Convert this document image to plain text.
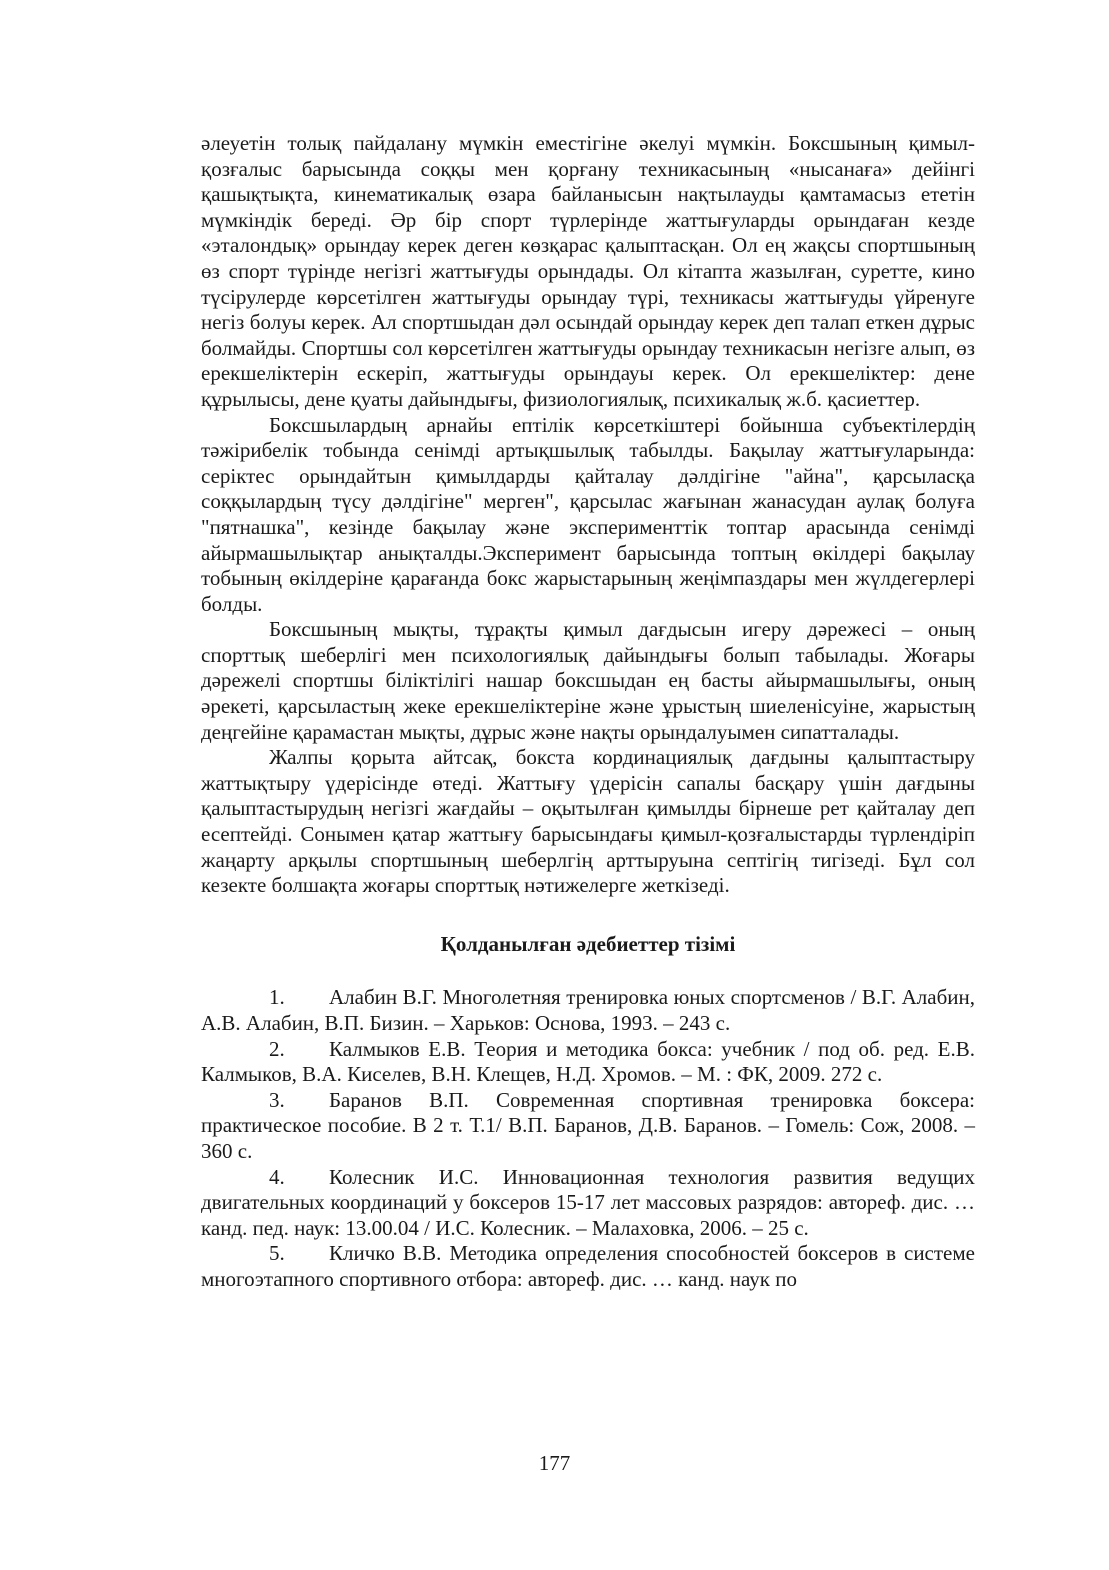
әлеуетін толық пайдалану мүмкін еместігіне әкелуі мүмкін. Боксшының қимыл-қозғалыс барысында соққы мен қорғану техникасының «нысанаға» дейінгі қашықтықта, кинематикалық өзара байланысын нақтылауды қамтамасыз ететін мүмкіндік береді. Әр бір спорт түрлерінде жаттығуларды орындаған кезде «эталондық» орындау керек деген көзқарас қалыптасқан. Ол ең жақсы спортшының өз спорт түрінде негізгі жаттығуды орындады. Ол кітапта жазылған, суретте, кино түсірулерде көрсетілген жаттығуды орындау түрі, техникасы жаттығуды үйренуге негіз болуы керек. Ал спортшыдан дәл осындай орындау керек деп талап еткен дұрыс болмайды. Спортшы сол көрсетілген жаттығуды орындау техникасын негізге алып, өз ерекшеліктерін ескеріп, жаттығуды орындауы керек. Ол ерекшеліктер: дене құрылысы, дене қуаты дайындығы, физиологиялық, психикалық ж.б. қасиеттер.

Боксшылардың арнайы ептілік көрсеткіштері бойынша субъектілердің тәжірибелік тобында сенімді артықшылық табылды. Бақылау жаттығуларында: серіктес орындайтын қимылдарды қайталау дәлдігіне "айна", қарсыласқа соққылардың түсу дәлдігіне" мерген", қарсылас жағынан жанасудан аулақ болуға "пятнашка", кезінде бақылау және эксперименттік топтар арасында сенімді айырмашылықтар анықталды.Эксперимент барысында топтың өкілдері бақылау тобының өкілдеріне қарағанда бокс жарыстарының жеңімпаздары мен жүлдегерлері болды.

Боксшының мықты, тұрақты қимыл дағдысын игеру дәрежесі – оның спорттық шеберлігі мен психологиялық дайындығы болып табылады. Жоғары дәрежелі спортшы біліктілігі нашар боксшыдан ең басты айырмашылығы, оның әрекеті, қарсыластың жеке ерекшеліктеріне және ұрыстың шиеленісуіне, жарыстың деңгейіне қарамастан мықты, дұрыс және нақты орындалуымен сипатталады.

Жалпы қорыта айтсақ, бокста кординациялық дағдыны қалыптастыру жаттықтыру үдерісінде өтеді. Жаттығу үдерісін сапалы басқару үшін дағдыны қалыптастырудың негізгі жағдайы – оқытылған қимылды бірнеше рет қайталау деп есептейді. Сонымен қатар жаттығу барысындағы қимыл-қозғалыстарды түрлендіріп жаңарту арқылы спортшының шеберлгің арттыруына септігің тигізеді. Бұл сол кезекте болшақта жоғары спорттық нәтижелерге жеткізеді.

Қолданылған әдебиеттер тізімі

1. Алабин В.Г. Многолетняя тренировка юных спортсменов / В.Г. Алабин, А.В. Алабин, В.П. Бизин. – Харьков: Основа, 1993. – 243 с.

2. Калмыков Е.В. Теория и методика бокса: учебник / под об. ред. Е.В. Калмыков, В.А. Киселев, В.Н. Клещев, Н.Д. Хромов. – М. : ФК, 2009. 272 с.

3. Баранов В.П. Современная спортивная тренировка боксера: практическое пособие. В 2 т. Т.1/ В.П. Баранов, Д.В. Баранов. – Гомель: Сож, 2008. – 360 с.

4. Колесник И.С. Инновационная технология развития ведущих двигательных координаций у боксеров 15-17 лет массовых разрядов: автореф. дис. … канд. пед. наук: 13.00.04 / И.С. Колесник. – Малаховка, 2006. – 25 с.

5. Кличко В.В. Методика определения способностей боксеров в системе многоэтапного спортивного отбора: автореф. дис. … канд. наук по

177
